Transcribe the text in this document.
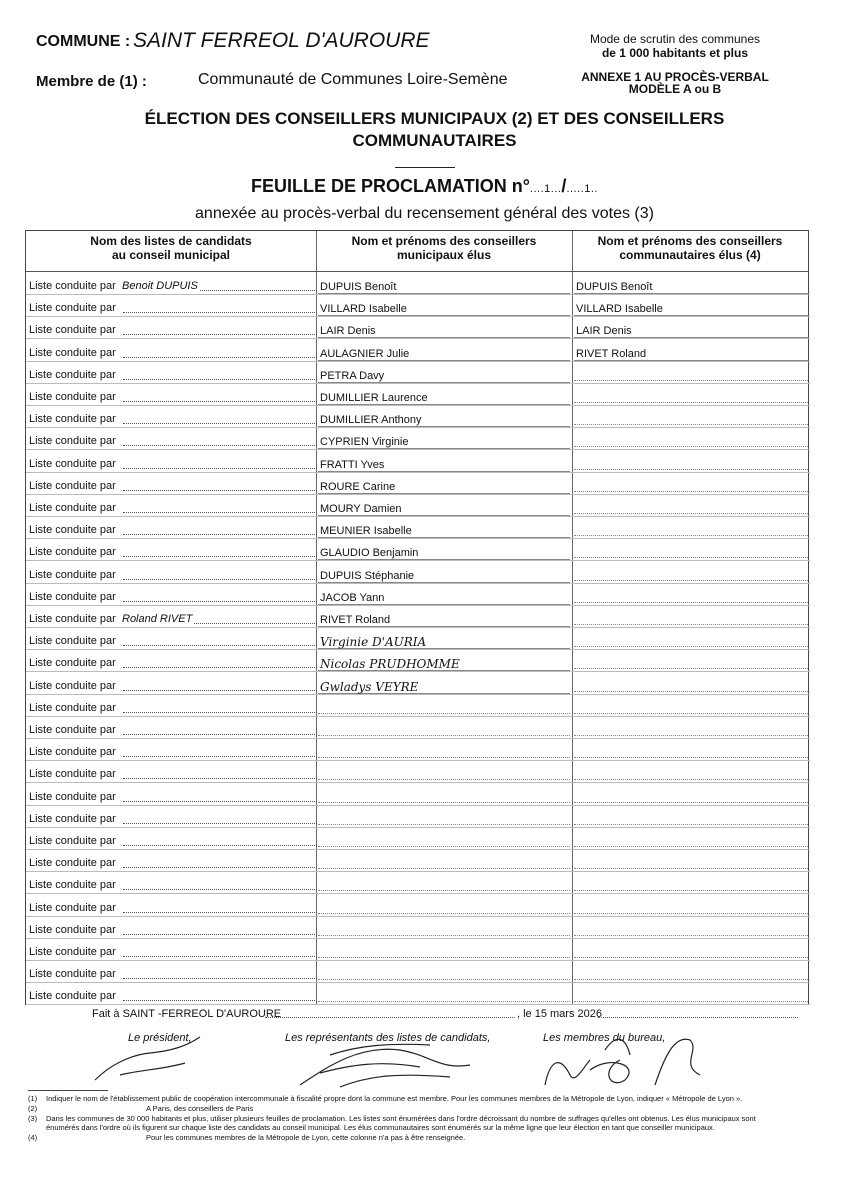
COMMUNE : SAINT FERREOL D'AUROURE	Mode de scrutin des communes
de 1 000 habitants et plus
Membre de (1) :	Communauté de Communes Loire-Semène	ANNEXE 1 AU PROCÈS-VERBAL
MODÈLE A ou B
ÉLECTION DES CONSEILLERS MUNICIPAUX (2) ET DES CONSEILLERS
COMMUNAUTAIRES
FEUILLE DE PROCLAMATION n°....1.../.....1..
annexée au procès-verbal du recensement général des votes (3)
Nom des listes de candidats
au conseil municipal
Nom et prénoms des conseillers
municipaux élus
Nom et prénoms des conseillers
communautaires élus (4)
Liste conduite par Benoit DUPUIS	DUPUIS Benoît	DUPUIS Benoît
Liste conduite par	VILLARD Isabelle	VILLARD Isabelle
Liste conduite par	LAIR Denis	LAIR Denis
Liste conduite par	AULAGNIER Julie	RIVET Roland
Liste conduite par	PETRA Davy
Liste conduite par	DUMILLIER Laurence
Liste conduite par	DUMILLIER Anthony
Liste conduite par	CYPRIEN Virginie
Liste conduite par	FRATTI Yves
Liste conduite par	ROURE Carine
Liste conduite par	MOURY Damien
Liste conduite par	MEUNIER Isabelle
Liste conduite par	GLAUDIO Benjamin
Liste conduite par	DUPUIS Stéphanie
Liste conduite par	JACOB Yann
Liste conduite par Roland RIVET	RIVET Roland
Liste conduite par	Virginie D'AURIA
Liste conduite par	Nicolas PRUDHOMME
Liste conduite par	Gwladys VEYRE
Liste conduite par
Liste conduite par
Liste conduite par
Liste conduite par
Liste conduite par
Liste conduite par
Liste conduite par
Liste conduite par
Liste conduite par
Liste conduite par
Liste conduite par
Liste conduite par
Liste conduite par
Liste conduite par
Fait à SAINT -FERREOL D'AUROURE	, le 15 mars 2026
Le président,	Les représentants des listes de candidats,	Les membres du bureau,
(1)	Indiquer le nom de l'établissement public de coopération intercommunale à fiscalité propre dont la commune est membre. Pour les communes membres de la Métropole de Lyon, indiquer « Métropole de Lyon ».
(2)	A Paris, des conseillers de Paris
(3)	Dans les communes de 30 000 habitants et plus, utiliser plusieurs feuilles de proclamation. Les listes sont énumérées dans l'ordre décroissant du nombre de suffrages qu'elles ont obtenus. Les élus municipaux sont énumérés dans l'ordre où ils figurent sur chaque liste des candidats au conseil municipal. Les élus communautaires sont énumérés sur la même ligne que leur élection en tant que conseiller municipaux.
(4)	Pour les communes membres de la Métropole de Lyon, cette colonne n'a pas à être renseignée.
